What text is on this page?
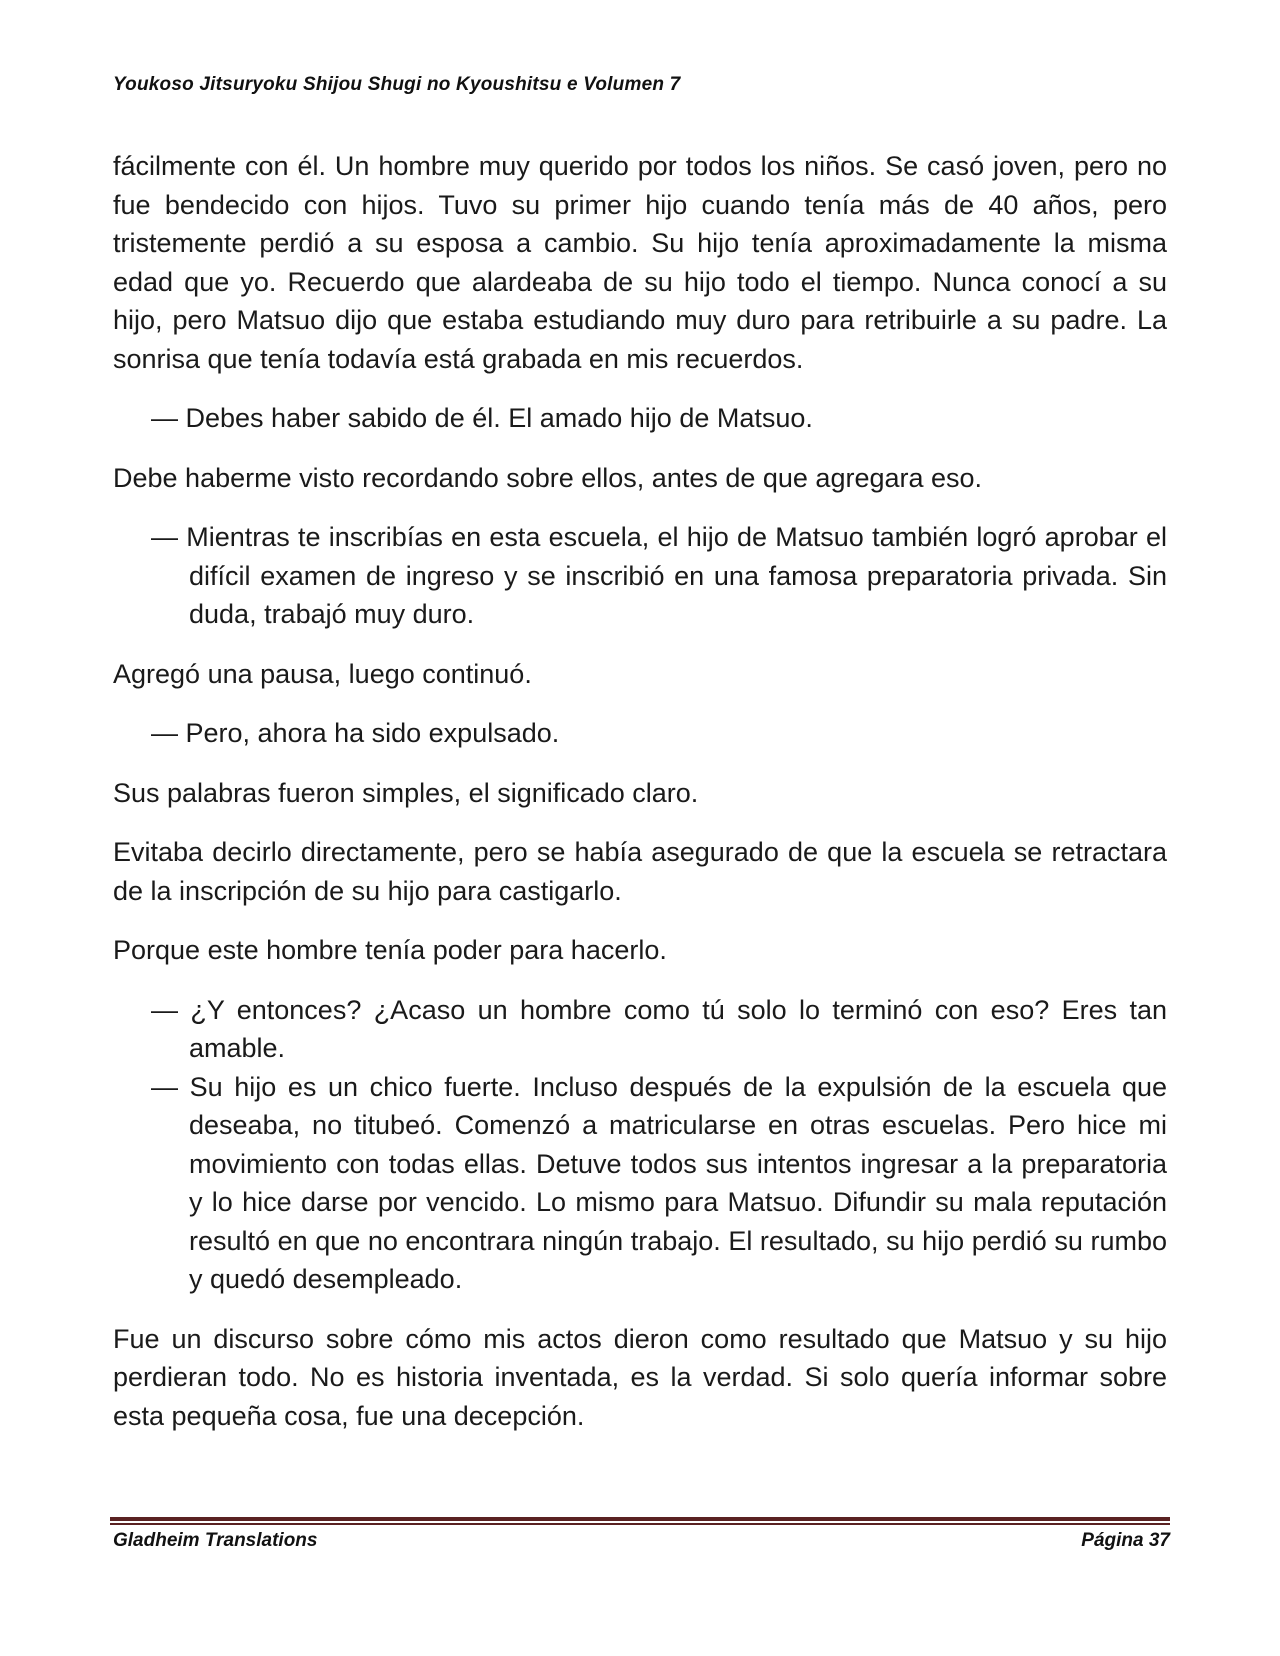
Youkoso Jitsuryoku Shijou Shugi no Kyoushitsu e Volumen 7

fácilmente con él. Un hombre muy querido por todos los niños. Se casó joven, pero no fue bendecido con hijos. Tuvo su primer hijo cuando tenía más de 40 años, pero tristemente perdió a su esposa a cambio. Su hijo tenía aproximadamente la misma edad que yo. Recuerdo que alardeaba de su hijo todo el tiempo. Nunca conocí a su hijo, pero Matsuo dijo que estaba estudiando muy duro para retribuirle a su padre. La sonrisa que tenía todavía está grabada en mis recuerdos.

— Debes haber sabido de él. El amado hijo de Matsuo.

Debe haberme visto recordando sobre ellos, antes de que agregara eso.

— Mientras te inscribías en esta escuela, el hijo de Matsuo también logró aprobar el difícil examen de ingreso y se inscribió en una famosa preparatoria privada. Sin duda, trabajó muy duro.

Agregó una pausa, luego continuó.

— Pero, ahora ha sido expulsado.

Sus palabras fueron simples, el significado claro.

Evitaba decirlo directamente, pero se había asegurado de que la escuela se retractara de la inscripción de su hijo para castigarlo.

Porque este hombre tenía poder para hacerlo.

— ¿Y entonces? ¿Acaso un hombre como tú solo lo terminó con eso? Eres tan amable.

— Su hijo es un chico fuerte. Incluso después de la expulsión de la escuela que deseaba, no titubeó. Comenzó a matricularse en otras escuelas. Pero hice mi movimiento con todas ellas. Detuve todos sus intentos ingresar a la preparatoria y lo hice darse por vencido. Lo mismo para Matsuo. Difundir su mala reputación resultó en que no encontrara ningún trabajo. El resultado, su hijo perdió su rumbo y quedó desempleado.

Fue un discurso sobre cómo mis actos dieron como resultado que Matsuo y su hijo perdieran todo. No es historia inventada, es la verdad. Si solo quería informar sobre esta pequeña cosa, fue una decepción.

Gladheim Translations	Página 37
